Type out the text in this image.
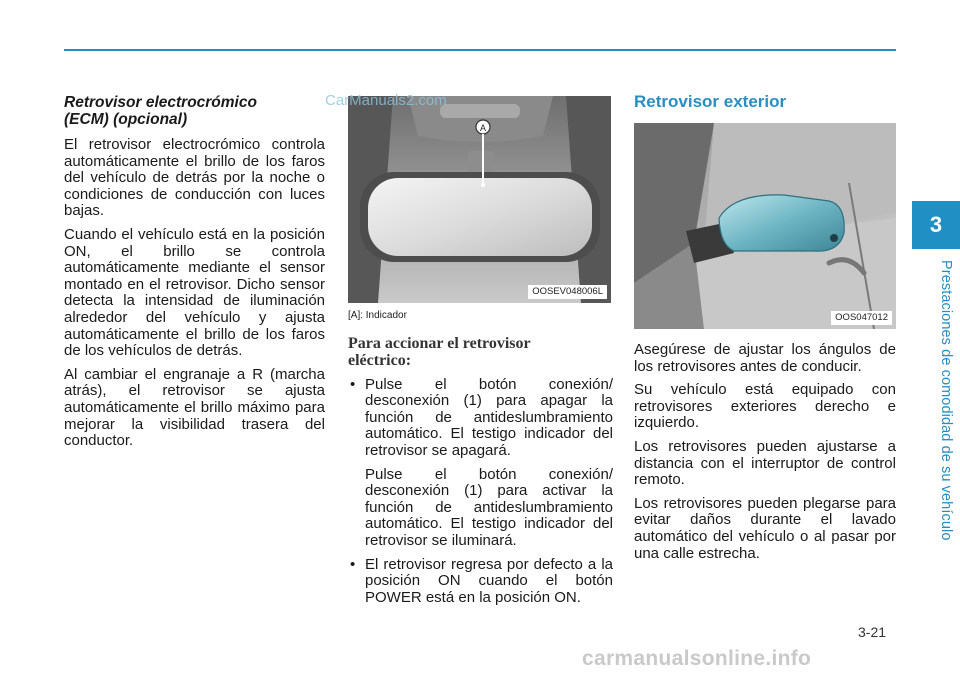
Retrovisor electrocrómico
(ECM) (opcional)

El retrovisor electrocrómico controla automáticamente el brillo de los faros del vehículo de detrás por la noche o condiciones de conducción con luces bajas.

Cuando el vehículo está en la posición ON, el brillo se controla automáticamente mediante el sensor montado en el retrovisor. Dicho sensor detecta la intensidad de iluminación alrededor del vehículo y ajusta automáticamente el brillo de los faros de los vehículos de detrás.

Al cambiar el engranaje a R (marcha atrás), el retrovisor se ajusta automáticamente el brillo máximo para mejorar la visibilidad trasera del conductor.

A
OOSEV048006L
[A]: Indicador
Para accionar el retrovisor
eléctrico:
• Pulse el botón conexión/ desconexión (1) para apagar la función de antideslumbramiento automático. El testigo indicador del retrovisor se apagará.

Pulse el botón conexión/ desconexión (1) para activar la función de antideslumbramiento automático. El testigo indicador del retrovisor se iluminará.

• El retrovisor regresa por defecto a la posición ON cuando el botón POWER está en la posición ON.

Retrovisor exterior
OOS047012

Asegúrese de ajustar los ángulos de los retrovisores antes de conducir.

Su vehículo está equipado con retrovisores exteriores derecho e izquierdo.

Los retrovisores pueden ajustarse a distancia con el interruptor de control remoto.

Los retrovisores pueden plegarse para evitar daños durante el lavado automático del vehículo o al pasar por una calle estrecha.

CarManuals2.com
3
Prestaciones de comodidad de su vehículo
3-21
carmanualsonline.info
